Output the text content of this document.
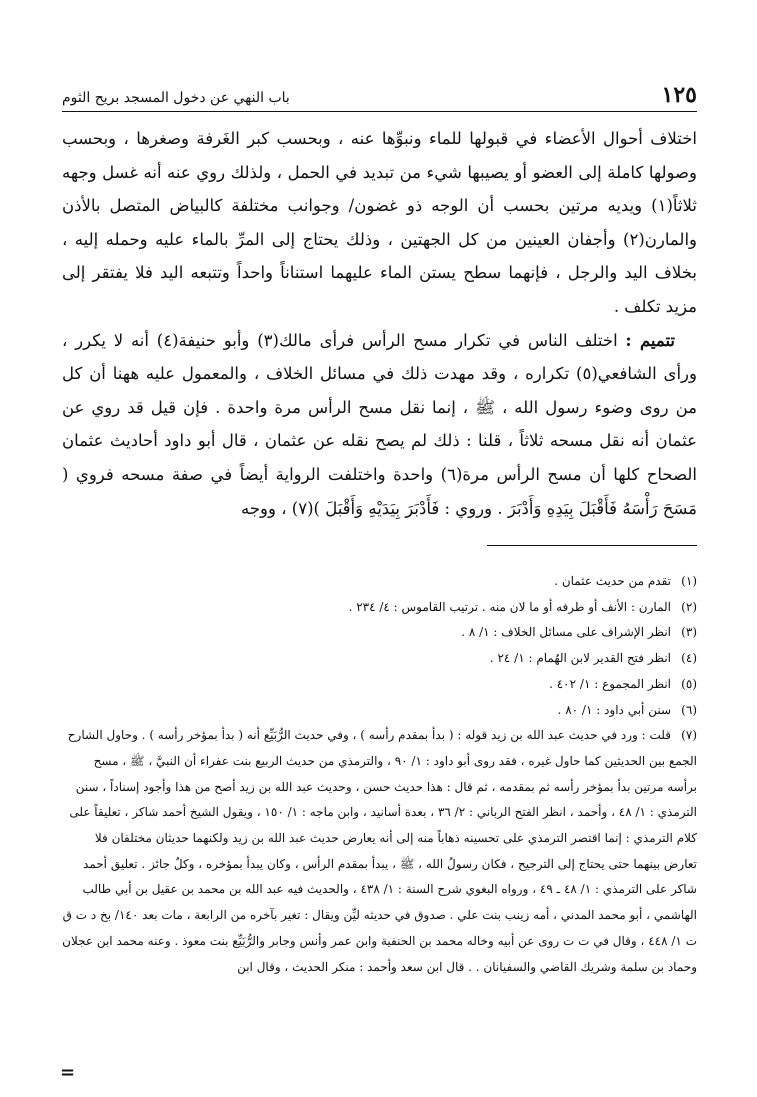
١٢٥
باب النهي عن دخول المسجد بريح الثوم

اختلاف أحوال الأعضاء في قبولها للماء ونبوِّها عنه ، وبحسب كبر الغَرفة وصغرها ، وبحسب وصولها كاملة إلى العضو أو يصيبها شيء من تبديد في الحمل ، ولذلك روي عنه أنه غسل وجهه ثلاثاً(١) ويديه مرتين بحسب أن الوجه ذو غضون/ وجوانب مختلفة كالبياض المتصل بالأذن والمارن(٢) وأجفان العينين من كل الجهتين ، وذلك يحتاج إلى المرِّ بالماء عليه وحمله إليه ، بخلاف اليد والرجل ، فإنهما سطح يستن الماء عليهما استناناً واحداً وتتبعه اليد فلا يفتقر إلى مزيد تكلف .

تتميم : اختلف الناس في تكرار مسح الرأس فرأى مالك(٣) وأبو حنيفة(٤) أنه لا يكرر ، ورأى الشافعي(٥) تكراره ، وقد مهدت ذلك في مسائل الخلاف ، والمعمول عليه ههنا أن كل من روى وضوء رسول الله ، ﷺ ، إنما نقل مسح الرأس مرة واحدة . فإن قيل قد روي عن عثمان أنه نقل مسحه ثلاثاً ، قلنا : ذلك لم يصح نقله عن عثمان ، قال أبو داود أحاديث عثمان الصحاح كلها أن مسح الرأس مرة(٦) واحدة واختلفت الرواية أيضاً في صفة مسحه فروي ( مَسَحَ رَأْسَهُ فَأَقْبَلَ بِيَدِهِ وَأَدْبَرَ . وروي : فَأَدْبَرَ بِيَدَيْهِ وَأَقْبَلَ )(٧) ، ووجه

(١)تقدم من حديث عثمان .

(٢)المارن : الأنف أو طرفه أو ما لان منه . ترتيب القاموس : ٤/ ٢٣٤ .

(٣)انظر الإشراف على مسائل الخلاف : ١/ ٨ .

(٤)انظر فتح القدير لابن الهُمام : ١/ ٢٤ .

(٥)انظر المجموع : ١/ ٤٠٢ .

(٦)سنن أبي داود : ١/ ٨٠ .

(٧)قلت : ورد في حديث عبد الله بن زيد قوله : ( بدأ بمقدم رأسه ) ، وفي حديث الرُّبَيِّع أنه ( بدأ بمؤخر رأسه ) . وحاول الشارح الجمع بين الحديثين كما حاول غيره ، فقد روى أبو داود : ١/ ٩٠ ، والترمذي من حديث الربيع بنت عفراء أن النبيَّ ، ﷺ ، مسح برأسه مرتين بدأ بمؤخر رأسه ثم بمقدمه ، ثم قال : هذا حديث حسن ، وحديث عبد الله بن زيد أصح من هذا وأجود إسناداً ، سنن الترمذي : ١/ ٤٨ ، وأحمد ، انظر الفتح الرباني : ٢/ ٣٦ ، بعدة أسانيد ، وابن ماجه : ١/ ١٥٠ ، ويقول الشيخ أحمد شاكر ، تعليقاً على كلام الترمذي : إنما اقتصر الترمذي على تحسينه ذهاباً منه إلى أنه يعارض حديث عبد الله بن زيد ولكنهما حديثان مختلفان فلا تعارض بينهما حتى يحتاج إلى الترجيح ، فكان رسولُ الله ، ﷺ ، يبدأ بمقدم الرأس ، وكان يبدأ بمؤخره ، وكلٌ جائز . تعليق أحمد شاكر على الترمذي : ١/ ٤٨ ـ ٤٩ ، ورواه البغوي شرح السنة : ١/ ٤٣٨ ، والحديث فيه عبد الله بن محمد بن عقيل بن أبي طالب الهاشمي ، أبو محمد المدني ، أمه زينب بنت علي . صدوق في حديثه ليِّن ويقال : تغير بآخره من الرابعة ، مات بعد ١٤٠/ بخ د ت ق ت ١/ ٤٤٨ ، وقال في ت ت روى عن أبيه وخاله محمد بن الحنفية وابن عمر وأنس وجابر والرُّبَيِّع بنت معوذ . وعنه محمد ابن عجلان وحماد بن سلمة وشريك القاضي والسفيانان . . قال ابن سعد وأحمد : منكر الحديث ، وقال ابن

=
